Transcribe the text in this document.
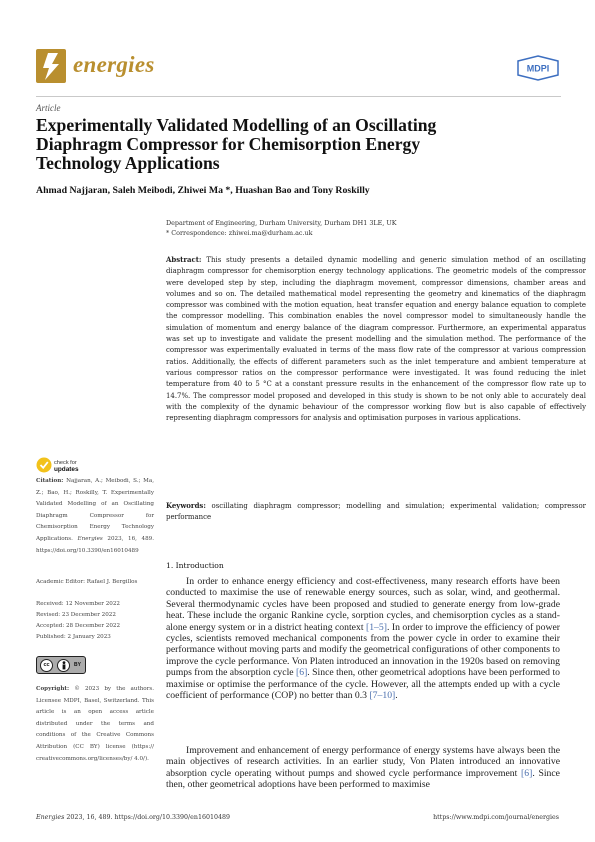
energies	MDPI
Article
Experimentally Validated Modelling of an Oscillating Diaphragm Compressor for Chemisorption Energy Technology Applications
Ahmad Najjaran, Saleh Meibodi, Zhiwei Ma *, Huashan Bao and Tony Roskilly
Department of Engineering, Durham University, Durham DH1 3LE, UK
* Correspondence: zhiwei.ma@durham.ac.uk
Abstract: This study presents a detailed dynamic modelling and generic simulation method of an oscillating diaphragm compressor for chemisorption energy technology applications. The geometric models of the compressor were developed step by step, including the diaphragm movement, compressor dimensions, chamber areas and volumes and so on. The detailed mathematical model representing the geometry and kinematics of the diaphragm compressor was combined with the motion equation, heat transfer equation and energy balance equation to complete the compressor modelling. This combination enables the novel compressor model to simultaneously handle the simulation of momentum and energy balance of the diagram compressor. Furthermore, an experimental apparatus was set up to investigate and validate the present modelling and the simulation method. The performance of the compressor was experimentally evaluated in terms of the mass flow rate of the compressor at various compression ratios. Additionally, the effects of different parameters such as the inlet temperature and ambient temperature at various compressor ratios on the compressor performance were investigated. It was found reducing the inlet temperature from 40 to 5 °C at a constant pressure results in the enhancement of the compressor flow rate up to 14.7%. The compressor model proposed and developed in this study is shown to be not only able to accurately deal with the complexity of the dynamic behaviour of the compressor working flow but is also capable of effectively representing diaphragm compressors for analysis and optimisation purposes in various applications.
Keywords: oscillating diaphragm compressor; modelling and simulation; experimental validation; compressor performance
1. Introduction
In order to enhance energy efficiency and cost-effectiveness, many research efforts have been conducted to maximise the use of renewable energy sources, such as solar, wind, and geothermal. Several thermodynamic cycles have been proposed and studied to generate energy from low-grade heat. These include the organic Rankine cycle, sorption cycles, and chemisorption cycles as a stand-alone energy system or in a district heating context [1–5]. In order to improve the efficiency of power cycles, scientists removed mechanical components from the power cycle in order to examine their performance without moving parts and modify the geometrical configurations of other components to improve the cycle performance. Von Platen introduced an innovation in the 1920s based on removing pumps from the absorption cycle [6]. Since then, other geometrical adoptions have been performed to maximise or optimise the performance of the cycle. However, all the attempts ended up with a cycle coefficient of performance (COP) no better than 0.3 [7–10].
Improvement and enhancement of energy performance of energy systems have always been the main objectives of research activities. In an earlier study, Von Platen introduced an innovative absorption cycle operating without pumps and showed cycle performance improvement [6]. Since then, other geometrical adoptions have been performed to maximise
check for
updates
Citation: Najjaran, A.; Meibodi, S.; Ma, Z.; Bao, H.; Roskilly, T. Experimentally Validated Modelling of an Oscillating Diaphragm Compressor for Chemisorption Energy Technology Applications. Energies 2023, 16, 489. https://doi.org/10.3390/en16010489
Academic Editor: Rafael J. Bergillos
Received: 12 November 2022
Revised: 23 December 2022
Accepted: 28 December 2022
Published: 2 January 2023
cc	BY
Copyright: © 2023 by the authors. Licensee MDPI, Basel, Switzerland. This article is an open access article distributed under the terms and conditions of the Creative Commons Attribution (CC BY) license (https:// creativecommons.org/licenses/by/ 4.0/).
Energies 2023, 16, 489. https://doi.org/10.3390/en16010489	https://www.mdpi.com/journal/energies
